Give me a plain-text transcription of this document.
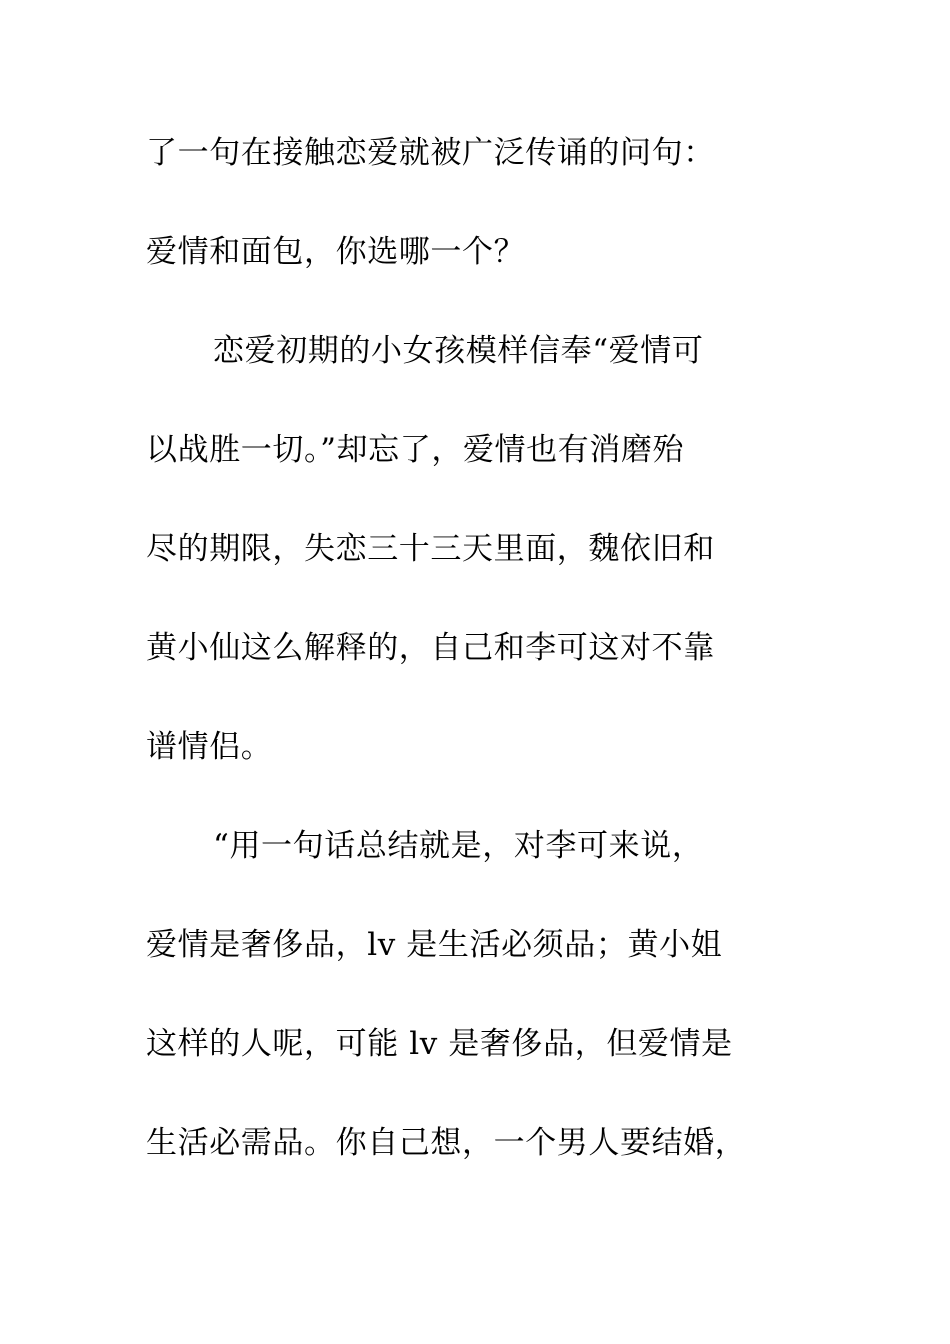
了一句在接触恋爱就被广泛传诵的问句：

爱情和面包，你选哪一个？

恋爱初期的小女孩模样信奉“爱情可

以战胜一切。”却忘了，爱情也有消磨殆

尽的期限，失恋三十三天里面，魏依旧和

黄小仙这么解释的，自己和李可这对不靠

谱情侣。

“用一句话总结就是，对李可来说，

爱情是奢侈品，lv 是生活必须品；黄小姐

这样的人呢，可能 lv 是奢侈品，但爱情是

生活必需品。你自己想，一个男人要结婚，
